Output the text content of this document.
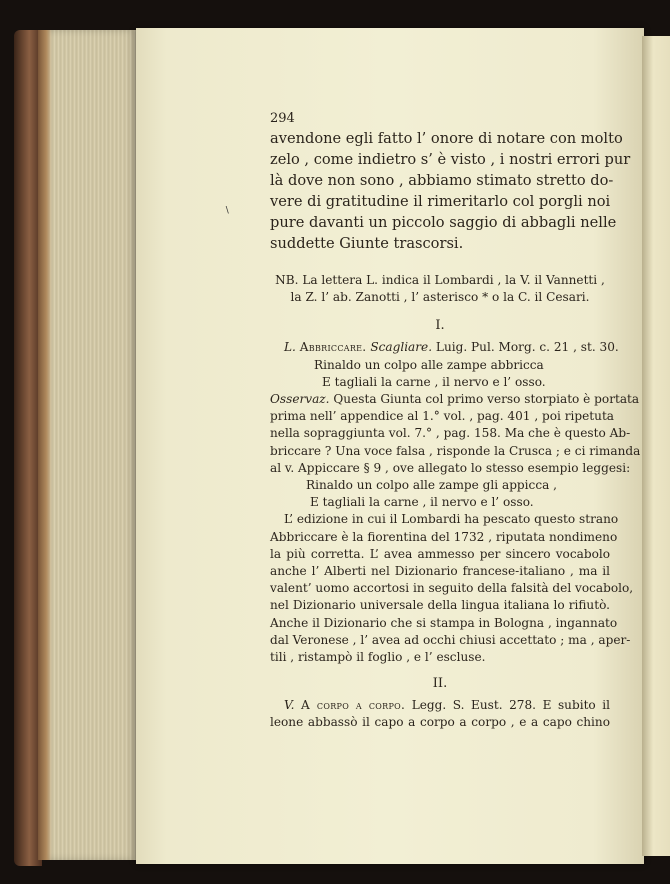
∖
294
avendone egli fatto l’ onore di notare con molto
zelo , come indietro s’ è visto , i nostri errori pur
là dove non sono , abbiamo stimato stretto do-
vere di gratitudine il rimeritarlo col porgli noi
pure davanti un piccolo saggio di abbagli nelle
suddette Giunte trascorsi.
NB. La lettera L. indica il Lombardi , la V. il Vannetti ,
la Z. l’ ab. Zanotti , l’ asterisco * o la C. il Cesari.
I.
L. Abbriccare. Scagliare. Luig. Pul. Morg. c. 21 , st. 30.
Rinaldo un colpo alle zampe abbricca
E tagliali la carne , il nervo e l’ osso.
Osservaz. Questa Giunta col primo verso storpiato è portata
prima nell’ appendice al 1.° vol. , pag. 401 , poi ripetuta
nella sopraggiunta vol. 7.° , pag. 158. Ma che è questo Ab-
briccare ? Una voce falsa , risponde la Crusca ; e ci rimanda
al v. Appiccare § 9 , ove allegato lo stesso esempio leggesi:
Rinaldo un colpo alle zampe gli appicca ,
E tagliali la carne , il nervo e l’ osso.
L’ edizione in cui il Lombardi ha pescato questo strano
Abbriccare è la fiorentina del 1732 , riputata nondimeno
la più corretta. L’ avea ammesso per sincero vocabolo
anche l’ Alberti nel Dizionario francese-italiano , ma il
valent’ uomo accortosi in seguito della falsità del vocabolo,
nel Dizionario universale della lingua italiana lo rifiutò.
Anche il Dizionario che si stampa in Bologna , ingannato
dal Veronese , l’ avea ad occhi chiusi accettato ; ma , aper-
tili , ristampò il foglio , e l’ escluse.
II.
V. A corpo a corpo. Legg. S. Eust. 278. E subito il
leone abbassò il capo a corpo a corpo , e a capo chino
